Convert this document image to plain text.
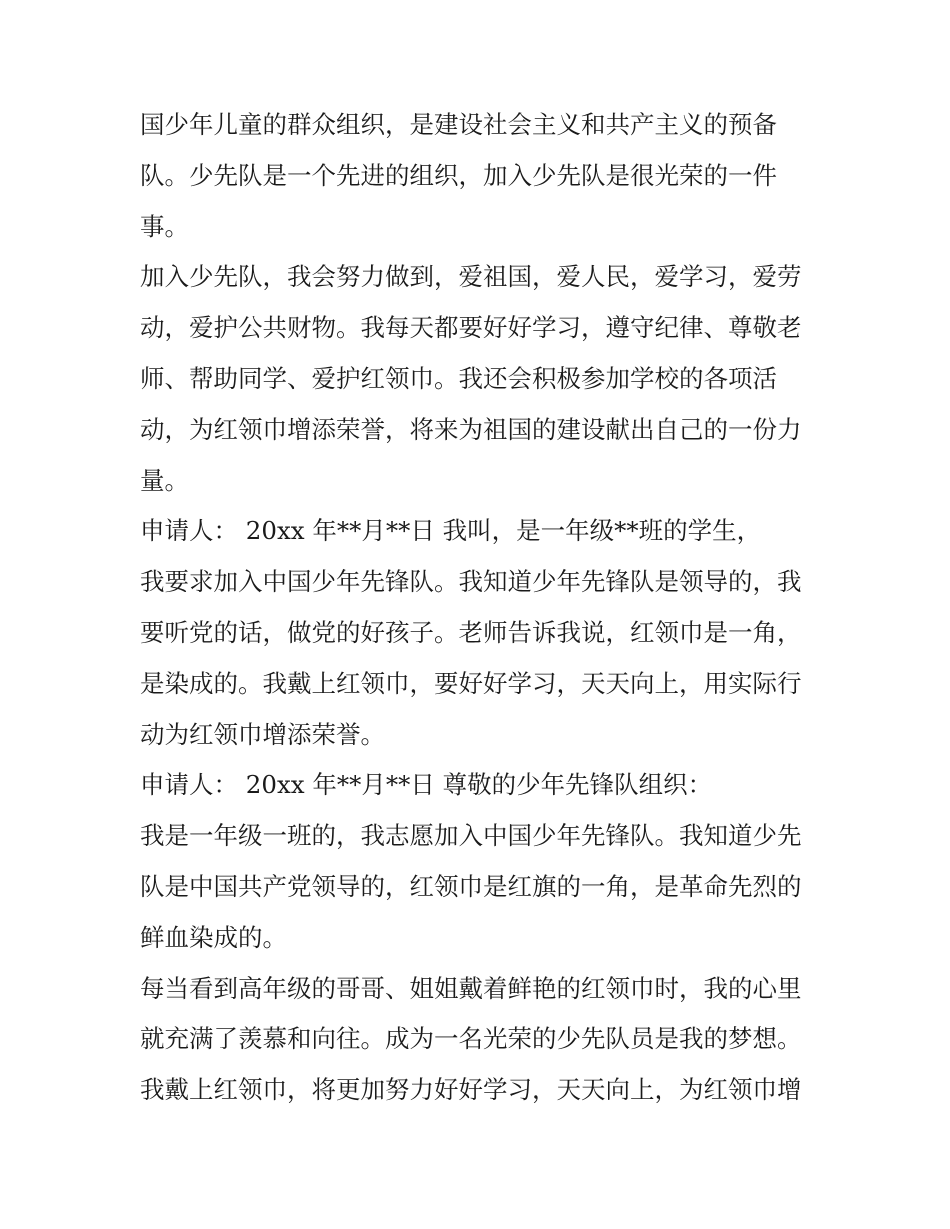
国少年儿童的群众组织，是建设社会主义和共产主义的预备
队。少先队是一个先进的组织，加入少先队是很光荣的一件
事。
加入少先队，我会努力做到，爱祖国，爱人民，爱学习，爱劳
动，爱护公共财物。我每天都要好好学习，遵守纪律、尊敬老
师、帮助同学、爱护红领巾。我还会积极参加学校的各项活
动，为红领巾增添荣誉，将来为祖国的建设献出自己的一份力
量。
申请人： 20xx 年**月**日 我叫，是一年级**班的学生，
我要求加入中国少年先锋队。我知道少年先锋队是领导的，我
要听党的话，做党的好孩子。老师告诉我说，红领巾是一角，
是染成的。我戴上红领巾，要好好学习，天天向上，用实际行
动为红领巾增添荣誉。
申请人： 20xx 年**月**日 尊敬的少年先锋队组织：
我是一年级一班的，我志愿加入中国少年先锋队。我知道少先
队是中国共产党领导的，红领巾是红旗的一角，是革命先烈的
鲜血染成的。
每当看到高年级的哥哥、姐姐戴着鲜艳的红领巾时，我的心里
就充满了羡慕和向往。成为一名光荣的少先队员是我的梦想。
我戴上红领巾，将更加努力好好学习，天天向上，为红领巾增
